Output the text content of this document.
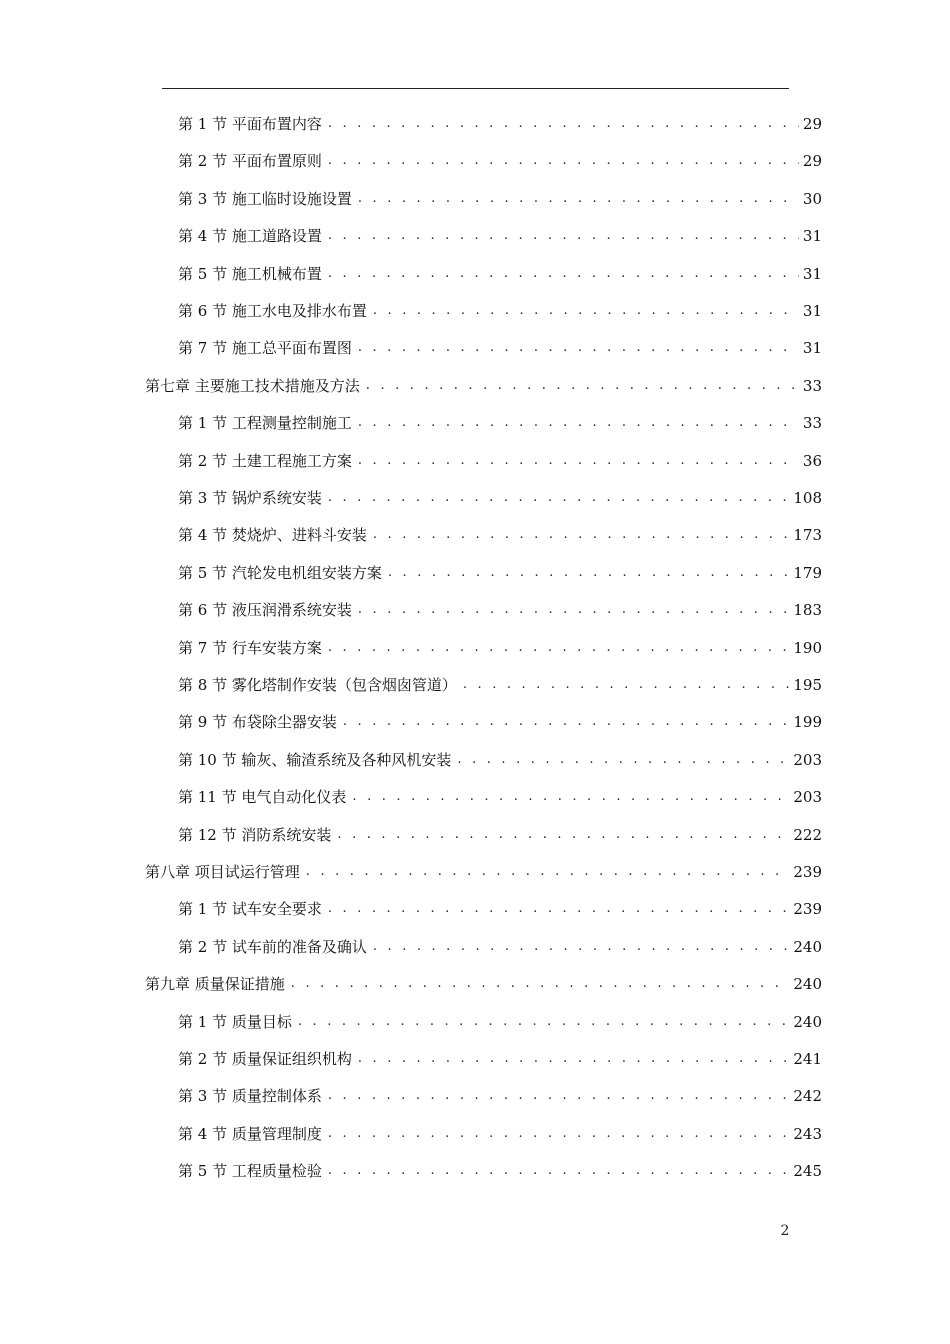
第 1 节 平面布置内容 . . .	29
第 2 节 平面布置原则 . . .	29
第 3 节 施工临时设施设置 . . .	30
第 4 节 施工道路设置 . . .	31
第 5 节 施工机械布置 . . .	31
第 6 节 施工水电及排水布置 . . .	31
第 7 节 施工总平面布置图 . . .	31
第七章 主要施工技术措施及方法 . . .	33
第 1 节 工程测量控制施工 . . .	33
第 2 节 土建工程施工方案 . . .	36
第 3 节 锅炉系统安装 . . .	108
第 4 节 焚烧炉、进料斗安装 . . .	173
第 5 节 汽轮发电机组安装方案 . . .	179
第 6 节 液压润滑系统安装 . . .	183
第 7 节 行车安装方案 . . .	190
第 8 节 雾化塔制作安装（包含烟囱管道） . . .	195
第 9 节 布袋除尘器安装 . . .	199
第 10 节 输灰、输渣系统及各种风机安装 . . .	203
第 11 节 电气自动化仪表 . . .	203
第 12 节 消防系统安装 . . .	222
第八章 项目试运行管理 . . .	239
第 1 节 试车安全要求 . . .	239
第 2 节 试车前的准备及确认 . . .	240
第九章 质量保证措施 . . .	240
第 1 节 质量目标 . . .	240
第 2 节 质量保证组织机构 . . .	241
第 3 节 质量控制体系 . . .	242
第 4 节 质量管理制度 . . .	243
第 5 节 工程质量检验 . . .	245
2
